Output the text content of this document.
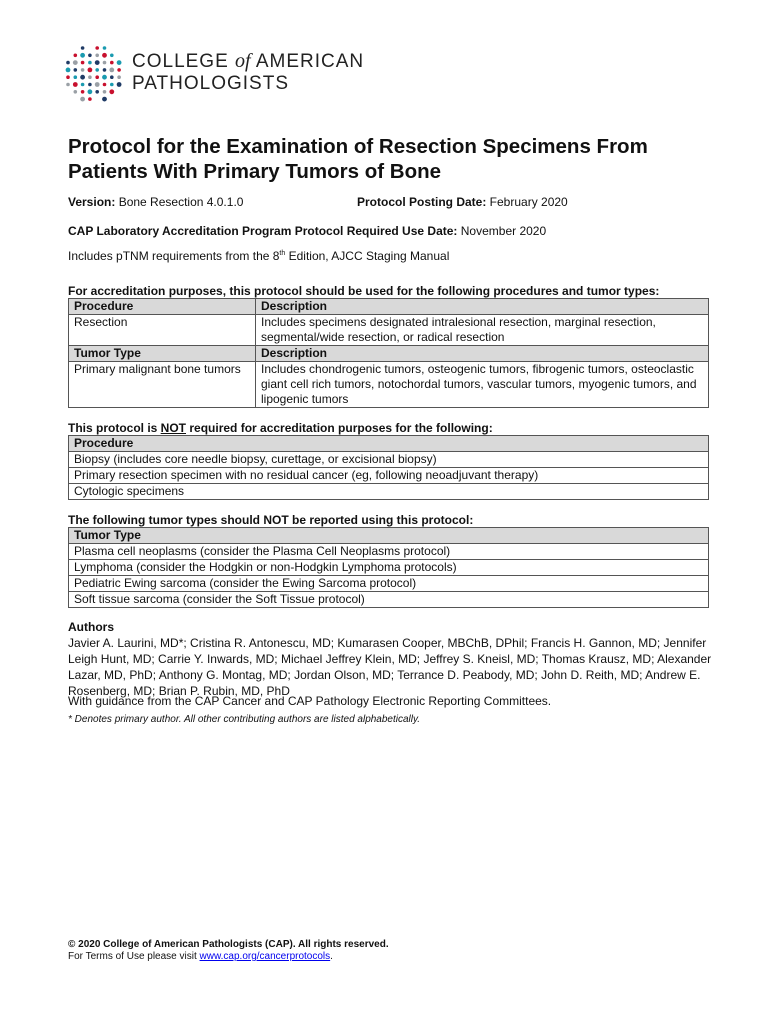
COLLEGE of AMERICAN
PATHOLOGISTS
Protocol for the Examination of Resection Specimens From Patients With Primary Tumors of Bone
Version: Bone Resection 4.0.1.0	Protocol Posting Date: February 2020
CAP Laboratory Accreditation Program Protocol Required Use Date: November 2020
Includes pTNM requirements from the 8th Edition, AJCC Staging Manual
For accreditation purposes, this protocol should be used for the following procedures and tumor types:
Procedure	Description
Resection	Includes specimens designated intralesional resection, marginal resection, segmental/wide resection, or radical resection
Tumor Type	Description
Primary malignant bone tumors	Includes chondrogenic tumors, osteogenic tumors, fibrogenic tumors, osteoclastic giant cell rich tumors, notochordal tumors, vascular tumors, myogenic tumors, and lipogenic tumors
This protocol is NOT required for accreditation purposes for the following:
Procedure
Biopsy (includes core needle biopsy, curettage, or excisional biopsy)
Primary resection specimen with no residual cancer (eg, following neoadjuvant therapy)
Cytologic specimens
The following tumor types should NOT be reported using this protocol:
Tumor Type
Plasma cell neoplasms (consider the Plasma Cell Neoplasms protocol)
Lymphoma (consider the Hodgkin or non-Hodgkin Lymphoma protocols)
Pediatric Ewing sarcoma (consider the Ewing Sarcoma protocol)
Soft tissue sarcoma (consider the Soft Tissue protocol)
Authors
Javier A. Laurini, MD*; Cristina R. Antonescu, MD; Kumarasen Cooper, MBChB, DPhil; Francis H. Gannon, MD; Jennifer Leigh Hunt, MD; Carrie Y. Inwards, MD; Michael Jeffrey Klein, MD; Jeffrey S. Kneisl, MD; Thomas Krausz, MD; Alexander Lazar, MD, PhD; Anthony G. Montag, MD; Jordan Olson, MD; Terrance D. Peabody, MD; John D. Reith, MD; Andrew E. Rosenberg, MD; Brian P. Rubin, MD, PhD
With guidance from the CAP Cancer and CAP Pathology Electronic Reporting Committees.
* Denotes primary author. All other contributing authors are listed alphabetically.
© 2020 College of American Pathologists (CAP). All rights reserved.
For Terms of Use please visit www.cap.org/cancerprotocols.
